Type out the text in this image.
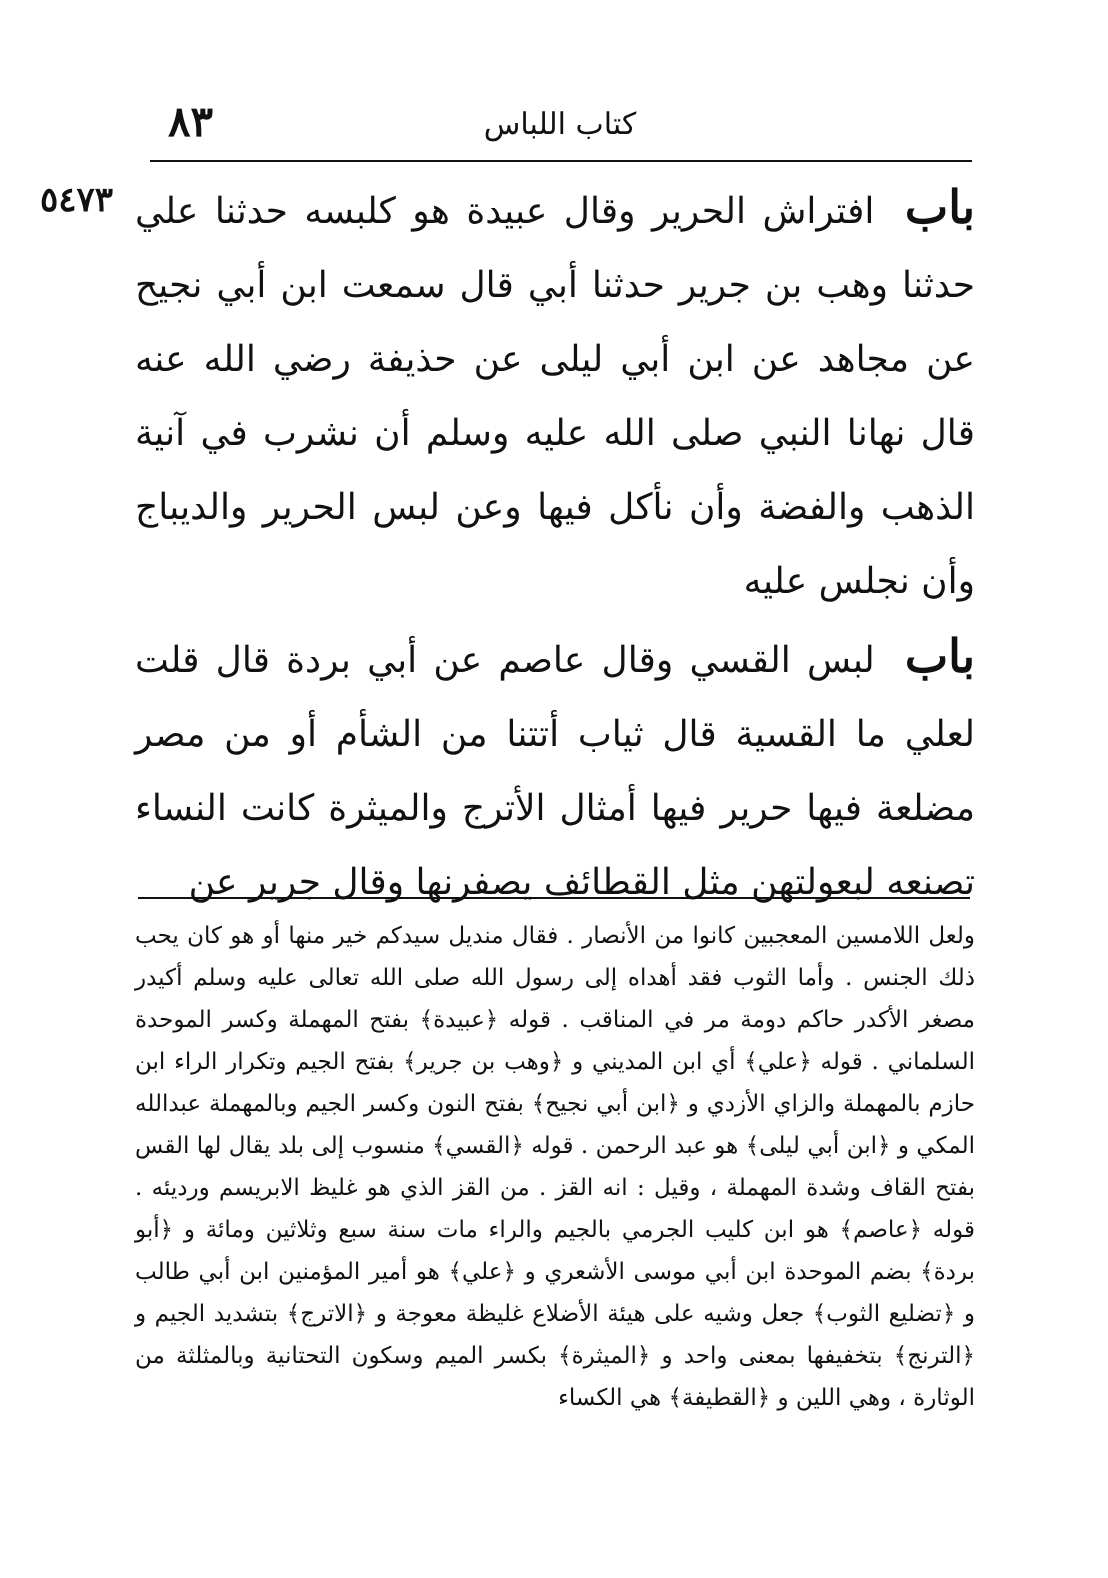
٨٣	كتاب اللباس
٥٤٧٣	باب افتراش الحرير وقال عبيدة هو كلبسه حدثنا علي حدثنا وهب بن جرير حدثنا أبي قال سمعت ابن أبي نجيح عن مجاهد عن ابن أبي ليلى عن حذيفة رضي الله عنه قال نهانا النبي صلى الله عليه وسلم أن نشرب في آنية الذهب والفضة وأن نأكل فيها وعن لبس الحرير والديباج وأن نجلس عليه

باب لبس القسي وقال عاصم عن أبي بردة قال قلت لعلي ما القسية قال ثياب أتتنا من الشأم أو من مصر مضلعة فيها حرير فيها أمثال الأترج والميثرة كانت النساء تصنعه لبعولتهن مثل القطائف يصفرنها وقال جرير عن

ولعل اللامسين المعجبين كانوا من الأنصار . فقال منديل سيدكم خير منها أو هو كان يحب ذلك الجنس . وأما الثوب فقد أهداه إلى رسول الله صلى الله تعالى عليه وسلم أكيدر مصغر الأكدر حاكم دومة مر في المناقب . قوله ﴿عبيدة﴾ بفتح المهملة وكسر الموحدة السلماني . قوله ﴿علي﴾ أي ابن المديني و ﴿وهب بن جرير﴾ بفتح الجيم وتكرار الراء ابن حازم بالمهملة والزاي الأزدي و ﴿ابن أبي نجيح﴾ بفتح النون وكسر الجيم وبالمهملة عبدالله المكي و ﴿ابن أبي ليلى﴾ هو عبد الرحمن . قوله ﴿القسي﴾ منسوب إلى بلد يقال لها القس بفتح القاف وشدة المهملة ، وقيل : انه القز . من القز الذي هو غليظ الابريسم ورديئه . قوله ﴿عاصم﴾ هو ابن كليب الجرمي بالجيم والراء مات سنة سبع وثلاثين ومائة و ﴿أبو بردة﴾ بضم الموحدة ابن أبي موسى الأشعري و ﴿علي﴾ هو أمير المؤمنين ابن أبي طالب و ﴿تضليع الثوب﴾ جعل وشيه على هيئة الأضلاع غليظة معوجة و ﴿الاترج﴾ بتشديد الجيم و ﴿الترنج﴾ بتخفيفها بمعنى واحد و ﴿الميثرة﴾ بكسر الميم وسكون التحتانية وبالمثلثة من الوثارة ، وهي اللين و ﴿القطيفة﴾ هي الكساء
